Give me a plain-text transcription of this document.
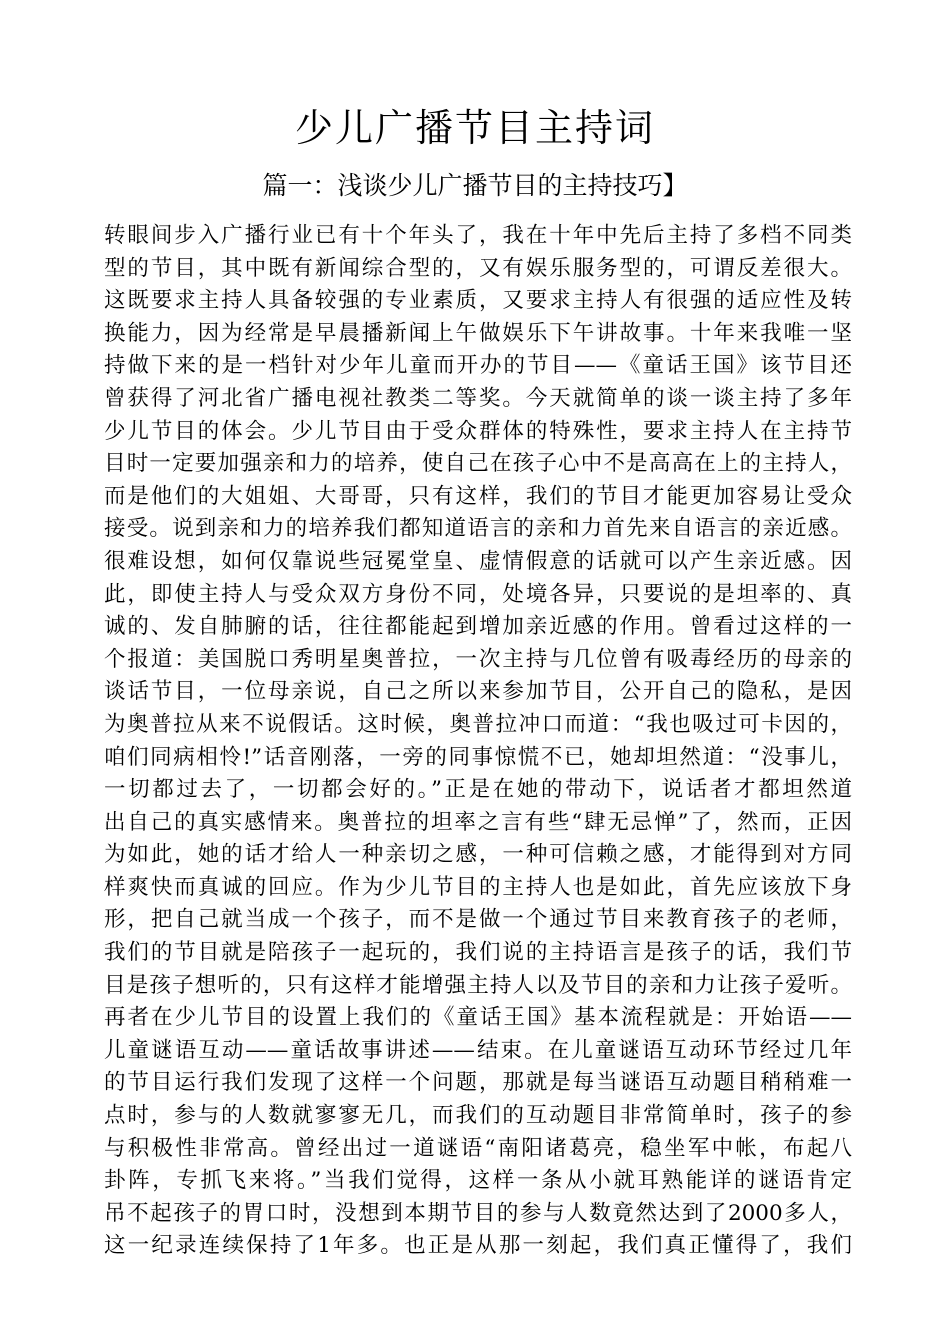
少儿广播节目主持词
篇一：浅谈少儿广播节目的主持技巧】
转眼间步入广播行业已有十个年头了，我在十年中先后主持了多档不同类
型的节目，其中既有新闻综合型的，又有娱乐服务型的，可谓反差很大。
这既要求主持人具备较强的专业素质，又要求主持人有很强的适应性及转
换能力，因为经常是早晨播新闻上午做娱乐下午讲故事。十年来我唯一坚
持做下来的是一档针对少年儿童而开办的节目——《童话王国》该节目还
曾获得了河北省广播电视社教类二等奖。今天就简单的谈一谈主持了多年
少儿节目的体会。少儿节目由于受众群体的特殊性，要求主持人在主持节
目时一定要加强亲和力的培养，使自己在孩子心中不是高高在上的主持人，
而是他们的大姐姐、大哥哥，只有这样，我们的节目才能更加容易让受众
接受。说到亲和力的培养我们都知道语言的亲和力首先来自语言的亲近感。
很难设想，如何仅靠说些冠冕堂皇、虚情假意的话就可以产生亲近感。因
此，即使主持人与受众双方身份不同，处境各异，只要说的是坦率的、真
诚的、发自肺腑的话，往往都能起到增加亲近感的作用。曾看过这样的一
个报道：美国脱口秀明星奥普拉，一次主持与几位曾有吸毒经历的母亲的
谈话节目，一位母亲说，自己之所以来参加节目，公开自己的隐私，是因
为奥普拉从来不说假话。这时候，奥普拉冲口而道：“我也吸过可卡因的，
咱们同病相怜!”话音刚落，一旁的同事惊慌不已，她却坦然道：“没事儿，
一切都过去了，一切都会好的。”正是在她的带动下，说话者才都坦然道
出自己的真实感情来。奥普拉的坦率之言有些“肆无忌惮”了，然而，正因
为如此，她的话才给人一种亲切之感，一种可信赖之感，才能得到对方同
样爽快而真诚的回应。作为少儿节目的主持人也是如此，首先应该放下身
形，把自己就当成一个孩子，而不是做一个通过节目来教育孩子的老师，
我们的节目就是陪孩子一起玩的，我们说的主持语言是孩子的话，我们节
目是孩子想听的，只有这样才能增强主持人以及节目的亲和力让孩子爱听。
再者在少儿节目的设置上我们的《童话王国》基本流程就是：开始语——
儿童谜语互动——童话故事讲述——结束。在儿童谜语互动环节经过几年
的节目运行我们发现了这样一个问题，那就是每当谜语互动题目稍稍难一
点时，参与的人数就寥寥无几，而我们的互动题目非常简单时，孩子的参
与积极性非常高。曾经出过一道谜语“南阳诸葛亮，稳坐军中帐，布起八
卦阵，专抓飞来将。”当我们觉得，这样一条从小就耳熟能详的谜语肯定
吊不起孩子的胃口时，没想到本期节目的参与人数竟然达到了2000多人，
这一纪录连续保持了1年多。也正是从那一刻起，我们真正懂得了，我们
